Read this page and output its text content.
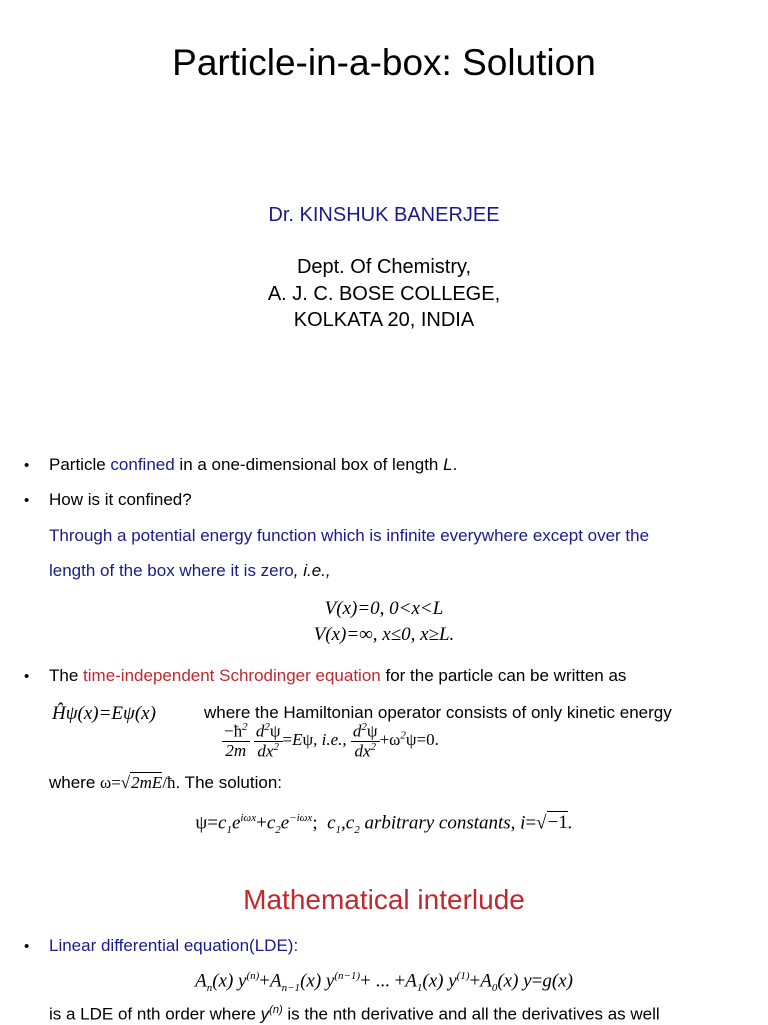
Particle-in-a-box: Solution
Dr. KINSHUK BANERJEE
Dept. Of Chemistry,
A. J. C. BOSE COLLEGE,
KOLKATA 20, INDIA
• Particle confined in a one-dimensional box of length L.
• How is it confined?
Through a potential energy function which is infinite everywhere except over the
length of the box where it is zero, i.e.,
V(x)=0, 0<x<L
V(x)=∞, x≤0, x≥L.
• The time-independent Schrodinger equation for the particle can be written as
Ĥψ(x)=Eψ(x)	where the Hamiltonian operator consists of only kinetic energy
$\frac{-ħ^2}{2m}$
$\frac{d^2\psi}{dx^2} =E\psi$, i.e., $\frac{d^2\psi}{dx^2} +\omega^2\psi=0$.
where ω=√2mE/ħ. The solution:
$\psi=c_1e^{i\omega x}+c_2e^{-i\omega x}$;  $c_1,c_2$ arbitrary constants, i=√−1.
Mathematical interlude
• Linear differential equation(LDE):
$A_n(x)$ $y^{(n)}+A_{n-1}(x)$ $y^{(n-1)}+$ ... $+A_1(x)$ $y^{(1)}+A_0(x)$ y=g(x)
is a LDE of nth order where $y^{(n)}$ is the nth derivative and all the derivatives as well
